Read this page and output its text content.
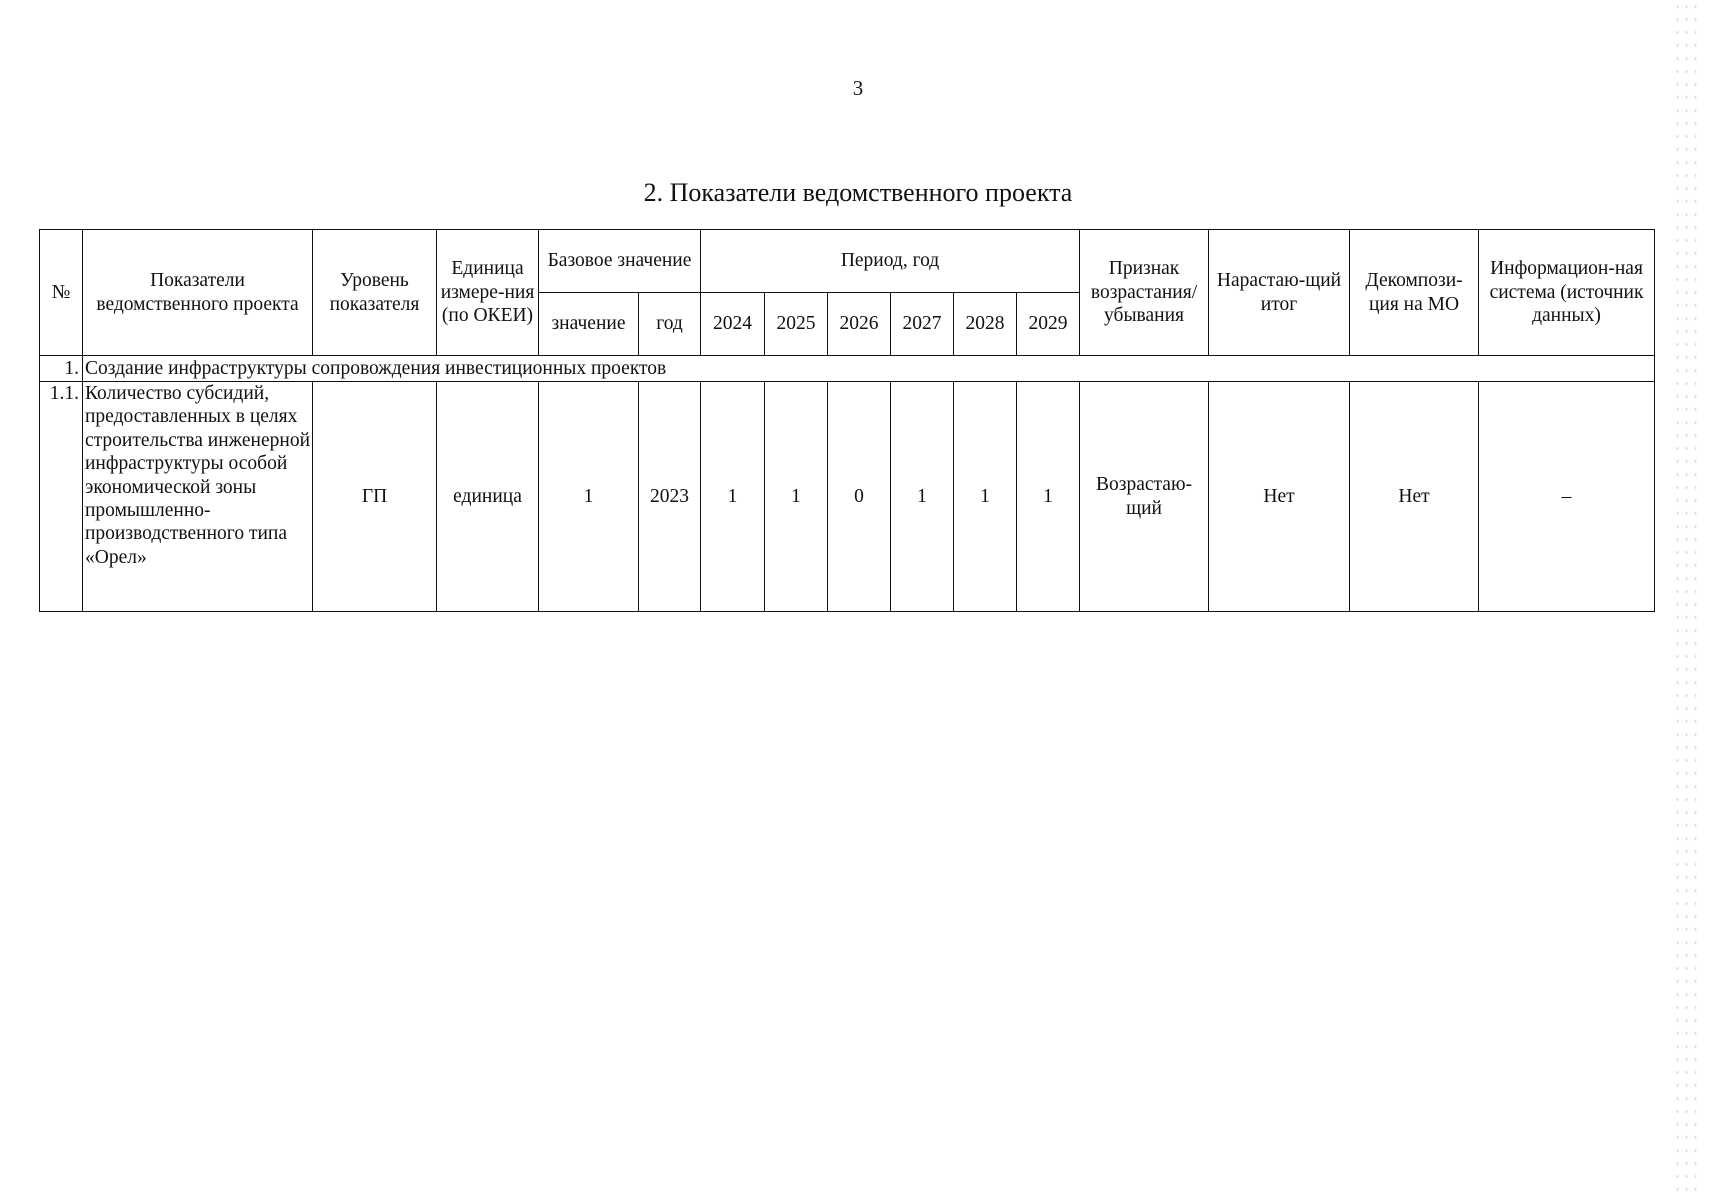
3
2. Показатели ведомственного проекта
№	Показатели ведомственного проекта	Уровень показателя	Единица измере-ния (по ОКЕИ)	Базовое значение		Период, год						Признак возрастания/ убывания	Нарастаю-щий итог	Декомпози-ция на МО	Информацион-ная система (источник данных)
				значение	год	2024	2025	2026	2027	2028	2029				
1.	Создание инфраструктуры сопровождения инвестиционных проектов														
1.1.	Количество субсидий, предоставленных в целях строительства инженерной инфраструктуры особой экономической зоны промышленно-производственного типа «Орел»	ГП	единица	1	2023	1	1	0	1	1	1	Возрастаю-щий	Нет	Нет	–
